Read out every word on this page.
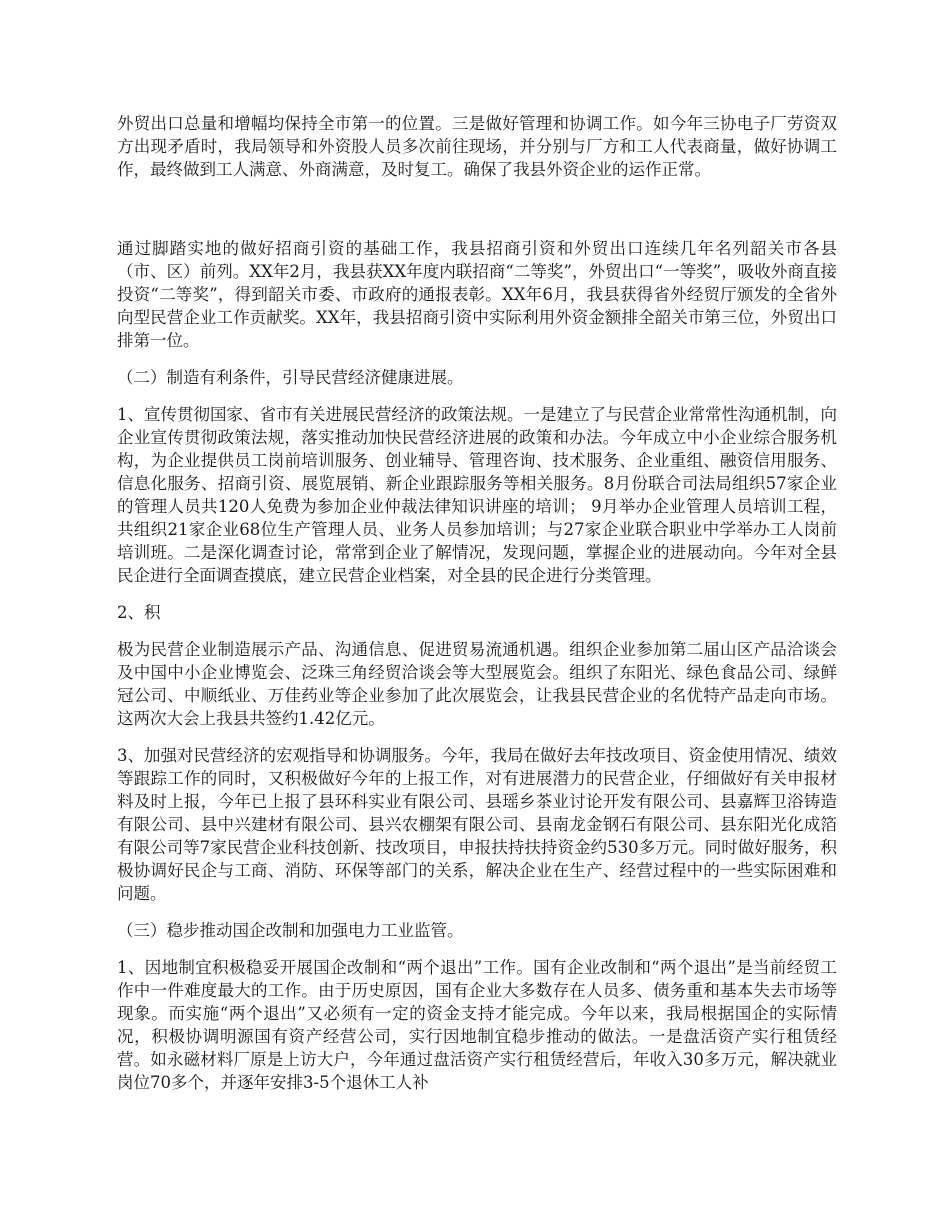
外贸出口总量和增幅均保持全市第一的位置。三是做好管理和协调工作。如今年三协电子厂劳资双方出现矛盾时，我局领导和外资股人员多次前往现场，并分别与厂方和工人代表商量，做好协调工作，最终做到工人满意、外商满意，及时复工。确保了我县外资企业的运作正常。

通过脚踏实地的做好招商引资的基础工作，我县招商引资和外贸出口连续几年名列韶关市各县（市、区）前列。XX年2月，我县获XX年度内联招商“二等奖”，外贸出口“一等奖”，吸收外商直接投资“二等奖”，得到韶关市委、市政府的通报表彰。XX年6月，我县获得省外经贸厅颁发的全省外向型民营企业工作贡献奖。XX年，我县招商引资中实际利用外资金额排全韶关市第三位，外贸出口排第一位。

（二）制造有利条件，引导民营经济健康进展。

1、宣传贯彻国家、省市有关进展民营经济的政策法规。一是建立了与民营企业常常性沟通机制，向企业宣传贯彻政策法规，落实推动加快民营经济进展的政策和办法。今年成立中小企业综合服务机构，为企业提供员工岗前培训服务、创业辅导、管理咨询、技术服务、企业重组、融资信用服务、信息化服务、招商引资、展览展销、新企业跟踪服务等相关服务。8月份联合司法局组织57家企业的管理人员共120人免费为参加企业仲裁法律知识讲座的培训； 9月举办企业管理人员培训工程，共组织21家企业68位生产管理人员、业务人员参加培训；与27家企业联合职业中学举办工人岗前培训班。二是深化调查讨论，常常到企业了解情况，发现问题，掌握企业的进展动向。今年对全县民企进行全面调查摸底，建立民营企业档案，对全县的民企进行分类管理。

2、积

极为民营企业制造展示产品、沟通信息、促进贸易流通机遇。组织企业参加第二届山区产品洽谈会及中国中小企业博览会、泛珠三角经贸洽谈会等大型展览会。组织了东阳光、绿色食品公司、绿鲜冠公司、中顺纸业、万佳药业等企业参加了此次展览会，让我县民营企业的名优特产品走向市场。这两次大会上我县共签约1.42亿元。

3、加强对民营经济的宏观指导和协调服务。今年，我局在做好去年技改项目、资金使用情况、绩效等跟踪工作的同时，又积极做好今年的上报工作，对有进展潜力的民营企业，仔细做好有关申报材料及时上报，今年已上报了县环科实业有限公司、县瑶乡茶业讨论开发有限公司、县嘉辉卫浴铸造有限公司、县中兴建材有限公司、县兴农棚架有限公司、县南龙金钢石有限公司、县东阳光化成箔有限公司等7家民营企业科技创新、技改项目，申报扶持扶持资金约530多万元。同时做好服务，积极协调好民企与工商、消防、环保等部门的关系，解决企业在生产、经营过程中的一些实际困难和问题。

（三）稳步推动国企改制和加强电力工业监管。

1、因地制宜积极稳妥开展国企改制和“两个退出”工作。国有企业改制和“两个退出”是当前经贸工作中一件难度最大的工作。由于历史原因，国有企业大多数存在人员多、债务重和基本失去市场等现象。而实施“两个退出”又必须有一定的资金支持才能完成。今年以来，我局根据国企的实际情况，积极协调明源国有资产经营公司，实行因地制宜稳步推动的做法。一是盘活资产实行租赁经营。如永磁材料厂原是上访大户，今年通过盘活资产实行租赁经营后，年收入30多万元，解决就业岗位70多个，并逐年安排3-5个退休工人补
